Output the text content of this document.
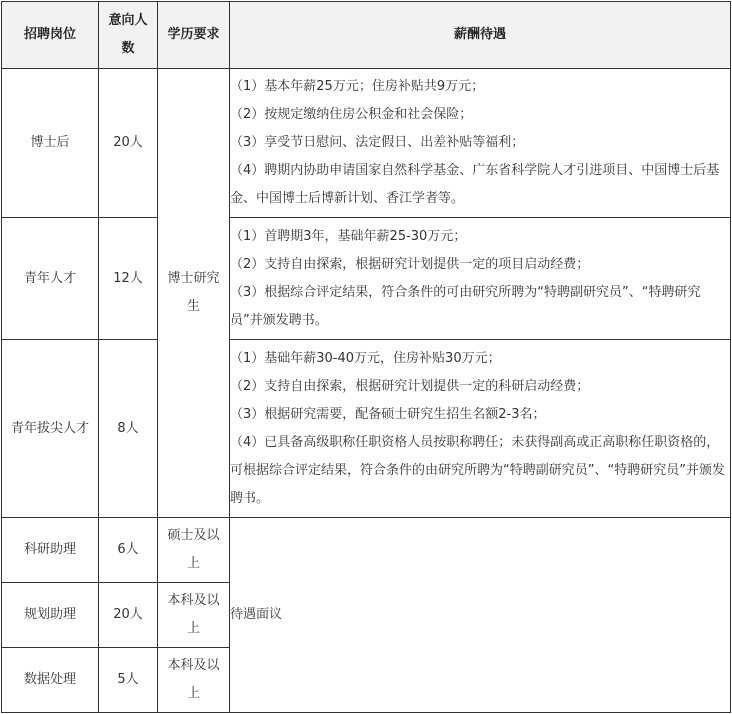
招聘岗位	意向人数	学历要求	薪酬待遇
博士后	20人	博士研究生	（1）基本年薪25万元；住房补贴共9万元；
（2）按规定缴纳住房公积金和社会保险；
（3）享受节日慰问、法定假日、出差补贴等福利；
（4）聘期内协助申请国家自然科学基金、广东省科学院人才引进项目、中国博士后基金、中国博士后博新计划、香江学者等。

青年人才	12人		（1）首聘期3年，基础年薪25-30万元；
（2）支持自由探索，根据研究计划提供一定的项目启动经费；
（3）根据综合评定结果，符合条件的可由研究所聘为“特聘副研究员”、“特聘研究员”并颁发聘书。

青年拔尖人才	8人		（1）基础年薪30-40万元，住房补贴30万元；
（2）支持自由探索，根据研究计划提供一定的科研启动经费；
（3）根据研究需要，配备硕士研究生招生名额2-3名；
（4）已具备高级职称任职资格人员按职称聘任；未获得副高或正高职称任职资格的，可根据综合评定结果，符合条件的由研究所聘为“特聘副研究员”、“特聘研究员”并颁发聘书。

科研助理	6人	硕士及以上	待遇面议
规划助理	20人	本科及以上	
数据处理	5人	本科及以上	
